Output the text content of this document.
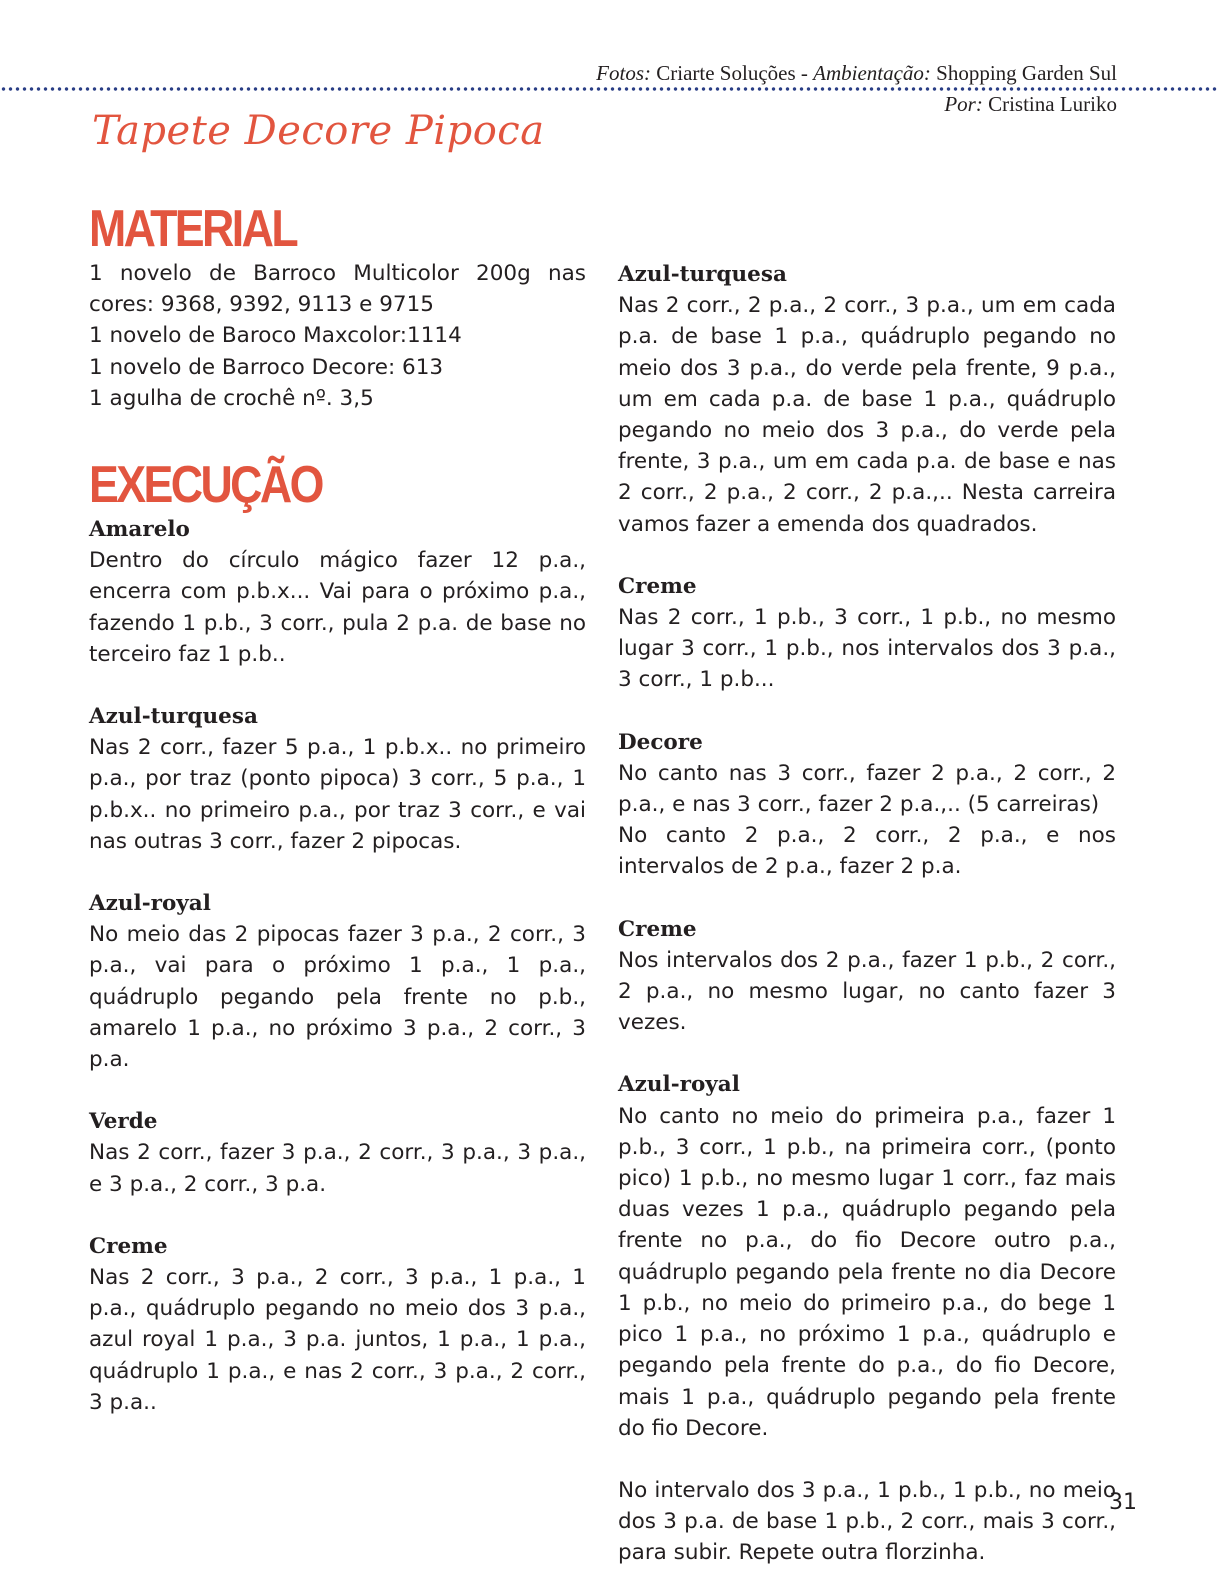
Fotos: Criarte Soluções - Ambientação: Shopping Garden Sul
Por: Cristina Luriko
Tapete Decore Pipoca
MATERIAL

1 novelo de Barroco Multicolor 200g nas cores: 9368, 9392, 9113 e 9715

1 novelo de Baroco Maxcolor:1114

1 novelo de Barroco Decore: 613

1 agulha de crochê nº. 3,5

EXECUÇÃO
Amarelo

Dentro do círculo mágico fazer 12 p.a., encerra com p.b.x... Vai para o próximo p.a., fazendo 1 p.b., 3 corr., pula 2 p.a. de base no terceiro faz 1 p.b..

Azul-turquesa

Nas 2 corr., fazer 5 p.a., 1 p.b.x.. no primeiro p.a., por traz (ponto pipoca) 3 corr., 5 p.a., 1 p.b.x.. no primeiro p.a., por traz 3 corr., e vai nas outras 3 corr., fazer 2 pipocas.

Azul-royal

No meio das 2 pipocas fazer 3 p.a., 2 corr., 3 p.a., vai para o próximo 1 p.a., 1 p.a., quádruplo pegando pela frente no p.b., amarelo 1 p.a., no próximo 3 p.a., 2 corr., 3 p.a.

Verde

Nas 2 corr., fazer 3 p.a., 2 corr., 3 p.a., 3 p.a., e 3 p.a., 2 corr., 3 p.a.

Creme

Nas 2 corr., 3 p.a., 2 corr., 3 p.a., 1 p.a., 1 p.a., quádruplo pegando no meio dos 3 p.a., azul royal 1 p.a., 3 p.a. juntos, 1 p.a., 1 p.a., quádruplo 1 p.a., e nas 2 corr., 3 p.a., 2 corr., 3 p.a..

Azul-turquesa

Nas 2 corr., 2 p.a., 2 corr., 3 p.a., um em cada p.a. de base 1 p.a., quádruplo pegando no meio dos 3 p.a., do verde pela frente, 9 p.a., um em cada p.a. de base 1 p.a., quádruplo pegando no meio dos 3 p.a., do verde pela frente, 3 p.a., um em cada p.a. de base e nas 2 corr., 2 p.a., 2 corr., 2 p.a.,.. Nesta carreira vamos fazer a emenda dos quadrados.

Creme

Nas 2 corr., 1 p.b., 3 corr., 1 p.b., no mesmo lugar 3 corr., 1 p.b., nos intervalos dos 3 p.a., 3 corr., 1 p.b...

Decore

No canto nas 3 corr., fazer 2 p.a., 2 corr., 2 p.a., e nas 3 corr., fazer 2 p.a.,.. (5 carreiras)
No canto 2 p.a., 2 corr., 2 p.a., e nos intervalos de 2 p.a., fazer 2 p.a.

Creme

Nos intervalos dos 2 p.a., fazer 1 p.b., 2 corr., 2 p.a., no mesmo lugar, no canto fazer 3 vezes.

Azul-royal

No canto no meio do primeira p.a., fazer 1 p.b., 3 corr., 1 p.b., na primeira corr., (ponto pico) 1 p.b., no mesmo lugar 1 corr., faz mais duas vezes 1 p.a., quádruplo pegando pela frente no p.a., do fio Decore outro p.a., quádruplo pegando pela frente no dia Decore 1 p.b., no meio do primeiro p.a., do bege 1 pico 1 p.a., no próximo 1 p.a., quádruplo e pegando pela frente do p.a., do fio Decore, mais 1 p.a., quádruplo pegando pela frente do fio Decore.

No intervalo dos 3 p.a., 1 p.b., 1 p.b., no meio dos 3 p.a. de base 1 p.b., 2 corr., mais 3 corr., para subir. Repete outra florzinha.

31
